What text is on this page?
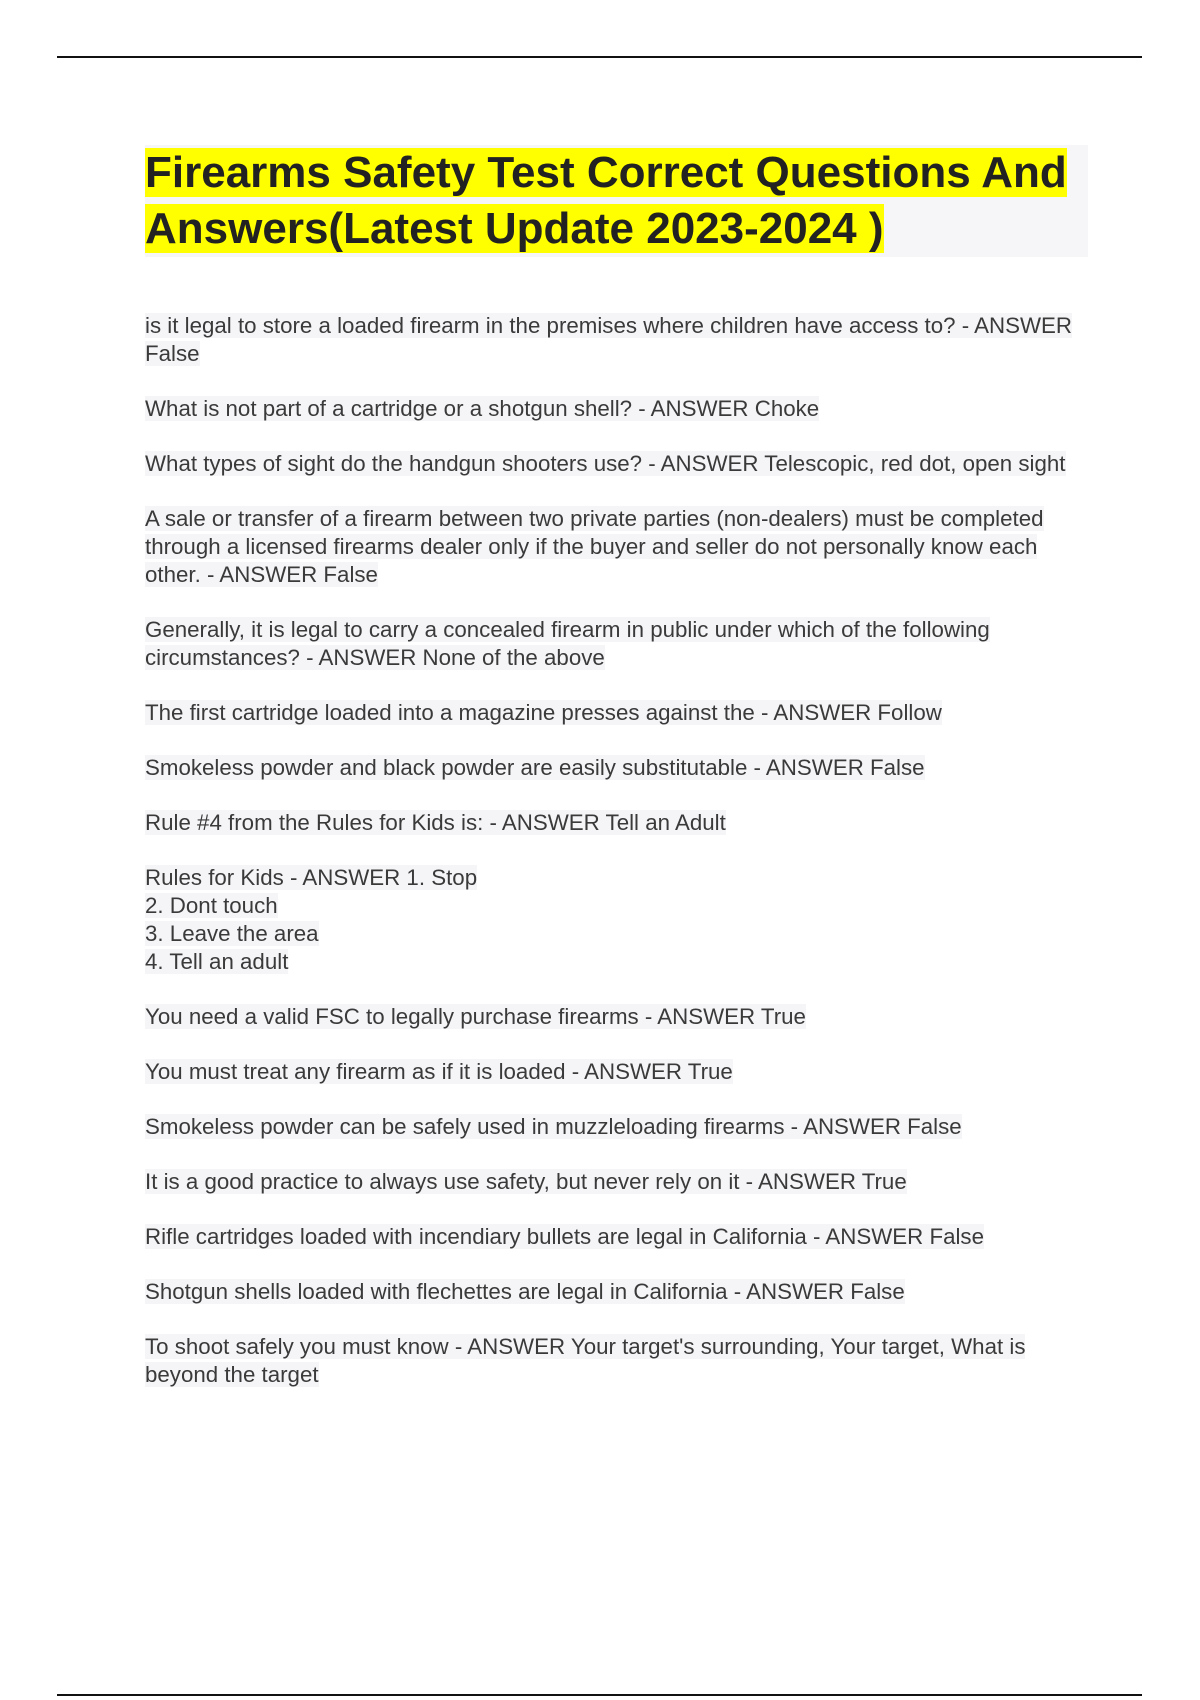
Firearms Safety Test Correct Questions And Answers(Latest Update 2023-2024 )

is it legal to store a loaded firearm in the premises where children have access to? - ANSWER False

What is not part of a cartridge or a shotgun shell? - ANSWER Choke

What types of sight do the handgun shooters use? - ANSWER Telescopic, red dot, open sight

A sale or transfer of a firearm between two private parties (non-dealers) must be completed through a licensed firearms dealer only if the buyer and seller do not personally know each other. - ANSWER False

Generally, it is legal to carry a concealed firearm in public under which of the following circumstances? - ANSWER None of the above

The first cartridge loaded into a magazine presses against the - ANSWER Follow

Smokeless powder and black powder are easily substitutable - ANSWER False

Rule #4 from the Rules for Kids is: - ANSWER Tell an Adult

Rules for Kids - ANSWER 1. Stop
2. Dont touch
3. Leave the area
4. Tell an adult

You need a valid FSC to legally purchase firearms - ANSWER True

You must treat any firearm as if it is loaded - ANSWER True

Smokeless powder can be safely used in muzzleloading firearms - ANSWER False

It is a good practice to always use safety, but never rely on it - ANSWER True

Rifle cartridges loaded with incendiary bullets are legal in California - ANSWER False

Shotgun shells loaded with flechettes are legal in California - ANSWER False

To shoot safely you must know - ANSWER Your target's surrounding, Your target, What is beyond the target
